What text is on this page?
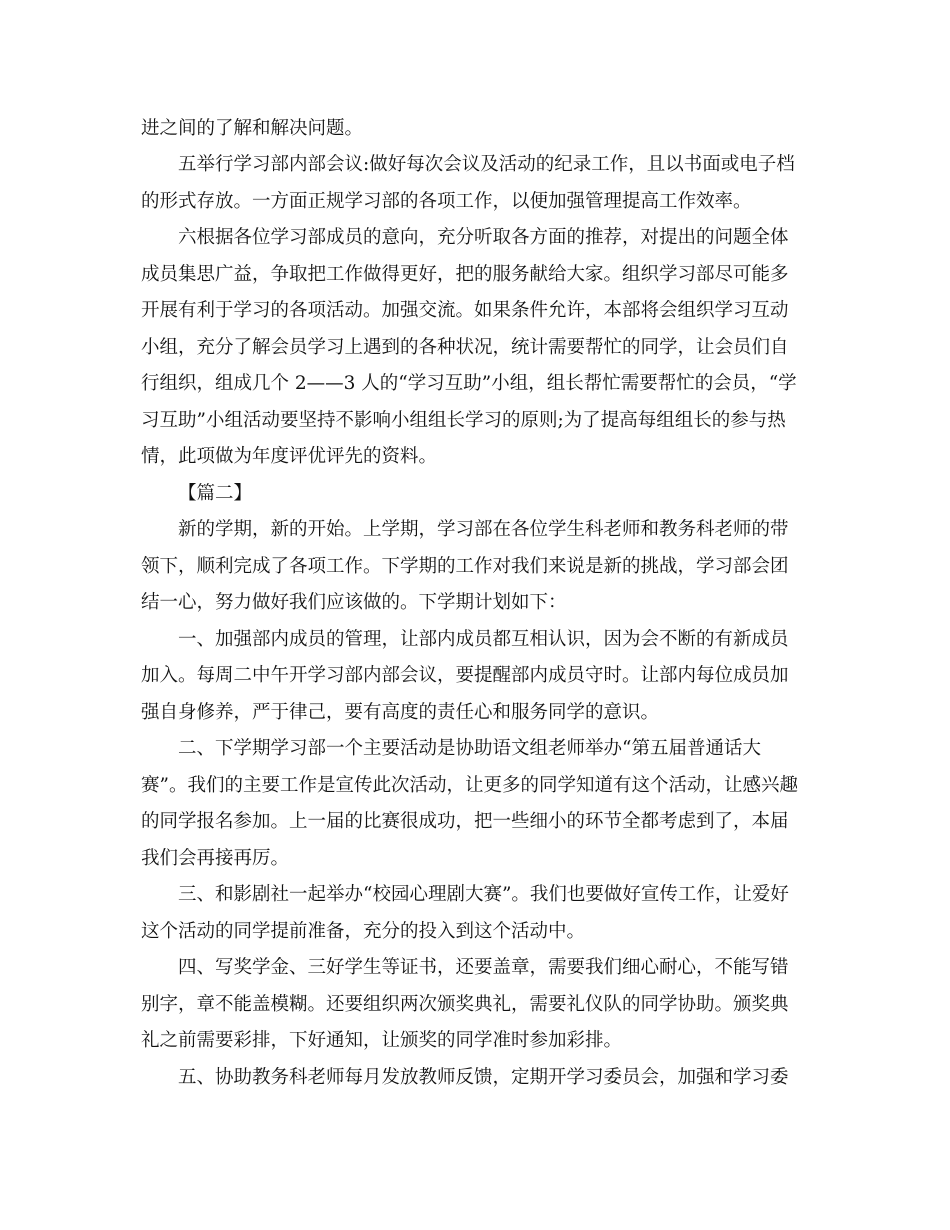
进之间的了解和解决问题。
五举行学习部内部会议:做好每次会议及活动的纪录工作，且以书面或电子档
的形式存放。一方面正规学习部的各项工作，以便加强管理提高工作效率。
六根据各位学习部成员的意向，充分听取各方面的推荐，对提出的问题全体
成员集思广益，争取把工作做得更好，把的服务献给大家。组织学习部尽可能多
开展有利于学习的各项活动。加强交流。如果条件允许，本部将会组织学习互动
小组，充分了解会员学习上遇到的各种状况，统计需要帮忙的同学，让会员们自
行组织，组成几个 2——3 人的“学习互助”小组，组长帮忙需要帮忙的会员，“学
习互助”小组活动要坚持不影响小组组长学习的原则;为了提高每组组长的参与热
情，此项做为年度评优评先的资料。
【篇二】
新的学期，新的开始。上学期，学习部在各位学生科老师和教务科老师的带
领下，顺利完成了各项工作。下学期的工作对我们来说是新的挑战，学习部会团
结一心，努力做好我们应该做的。下学期计划如下：
一、加强部内成员的管理，让部内成员都互相认识，因为会不断的有新成员
加入。每周二中午开学习部内部会议，要提醒部内成员守时。让部内每位成员加
强自身修养，严于律己，要有高度的责任心和服务同学的意识。
二、下学期学习部一个主要活动是协助语文组老师举办“第五届普通话大
赛”。我们的主要工作是宣传此次活动，让更多的同学知道有这个活动，让感兴趣
的同学报名参加。上一届的比赛很成功，把一些细小的环节全都考虑到了，本届
我们会再接再厉。
三、和影剧社一起举办“校园心理剧大赛”。我们也要做好宣传工作，让爱好
这个活动的同学提前准备，充分的投入到这个活动中。
四、写奖学金、三好学生等证书，还要盖章，需要我们细心耐心，不能写错
别字，章不能盖模糊。还要组织两次颁奖典礼，需要礼仪队的同学协助。颁奖典
礼之前需要彩排，下好通知，让颁奖的同学准时参加彩排。
五、协助教务科老师每月发放教师反馈，定期开学习委员会，加强和学习委
